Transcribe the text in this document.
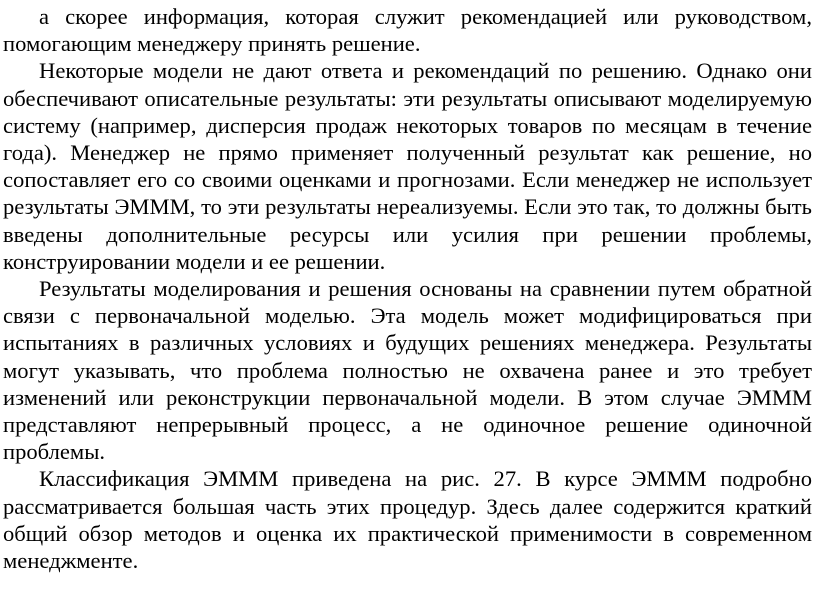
а скорее информация, которая служит рекомендацией или руководством, помогающим менеджеру принять решение.

Некоторые модели не дают ответа и рекомендаций по решению. Однако они обеспечивают описательные результаты: эти результаты описывают моделируемую систему (например, дисперсия продаж некоторых товаров по месяцам в течение года). Менеджер не прямо применяет полученный результат как решение, но сопоставляет его со своими оценками и прогнозами. Если менеджер не использует результаты ЭМММ, то эти результаты нереализуемы. Если это так, то должны быть введены дополнительные ресурсы или усилия при решении проблемы, конструировании модели и ее решении.

Результаты моделирования и решения основаны на сравнении путем обратной связи с первоначальной моделью. Эта модель может модифицироваться при испытаниях в различных условиях и будущих решениях менеджера. Результаты могут указывать, что проблема полностью не охвачена ранее и это требует изменений или реконструкции первоначальной модели. В этом случае ЭМММ представляют непрерывный процесс, а не одиночное решение одиночной проблемы.

Классификация ЭМММ приведена на рис. 27. В курсе ЭМММ подробно рассматривается большая часть этих процедур. Здесь далее содержится краткий общий обзор методов и оценка их практической применимости в современном менеджменте.
